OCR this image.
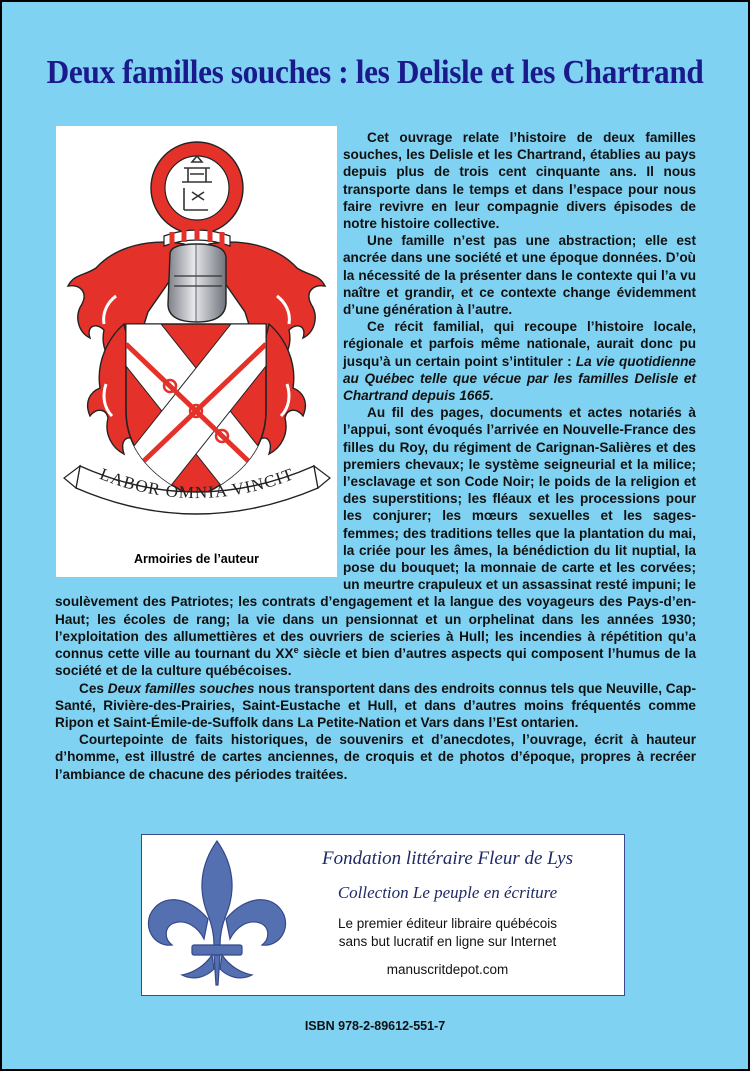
Deux familles souches : les Delisle et les Chartrand
LABOR OMNIA VINCIT
Armoiries de l’auteur

Cet ouvrage relate l’histoire de deux familles souches, les Delisle et les Chartrand, établies au pays depuis plus de trois cent cinquante ans. Il nous transporte dans le temps et dans l’espace pour nous faire revivre en leur compagnie divers épisodes de notre histoire collective.

Une famille n’est pas une abstraction; elle est ancrée dans une société et une époque données. D’où la nécessité de la présenter dans le contexte qui l’a vu naître et grandir, et ce contexte change évidemment d’une génération à l’autre.

Ce récit familial, qui recoupe l’histoire locale, régionale et parfois même nationale, aurait donc pu jusqu’à un certain point s’intituler : La vie quotidienne au Québec telle que vécue par les familles Delisle et Chartrand depuis 1665.

Au fil des pages, documents et actes notariés à l’appui, sont évoqués l’arrivée en Nouvelle-France des filles du Roy, du régiment de Carignan-Salières et des premiers chevaux; le système seigneurial et la milice; l’esclavage et son Code Noir; le poids de la religion et des superstitions; les fléaux et les processions pour les conjurer; les mœurs sexuelles et les sages-femmes; des traditions telles que la plantation du mai, la criée pour les âmes, la bénédiction du lit nuptial, la pose du bouquet; la monnaie de carte et les corvées; un meurtre crapuleux et un assassinat resté impuni; le soulèvement des Patriotes; les contrats d’engagement et la langue des voyageurs des Pays-d’en-Haut; les écoles de rang; la vie dans un pensionnat et un orphelinat dans les années 1930; l’exploitation des allumettières et des ouvriers de scieries à Hull; les incendies à répétition qu’a connus cette ville au tournant du XXe siècle et bien d’autres aspects qui composent l’humus de la société et de la culture québécoises.

Ces Deux familles souches nous transportent dans des endroits connus tels que Neuville, Cap-Santé, Rivière-des-Prairies, Saint-Eustache et Hull, et dans d’autres moins fréquentés comme Ripon et Saint-Émile-de-Suffolk dans La Petite-Nation et Vars dans l’Est ontarien.

Courtepointe de faits historiques, de souvenirs et d’anecdotes, l’ouvrage, écrit à hauteur d’homme, est illustré de cartes anciennes, de croquis et de photos d’époque, propres à recréer l’ambiance de chacune des périodes traitées.

Fondation littéraire Fleur de Lys
Collection Le peuple en écriture
Le premier éditeur libraire québécois
sans but lucratif en ligne sur Internet
manuscritdepot.com
ISBN 978-2-89612-551-7
